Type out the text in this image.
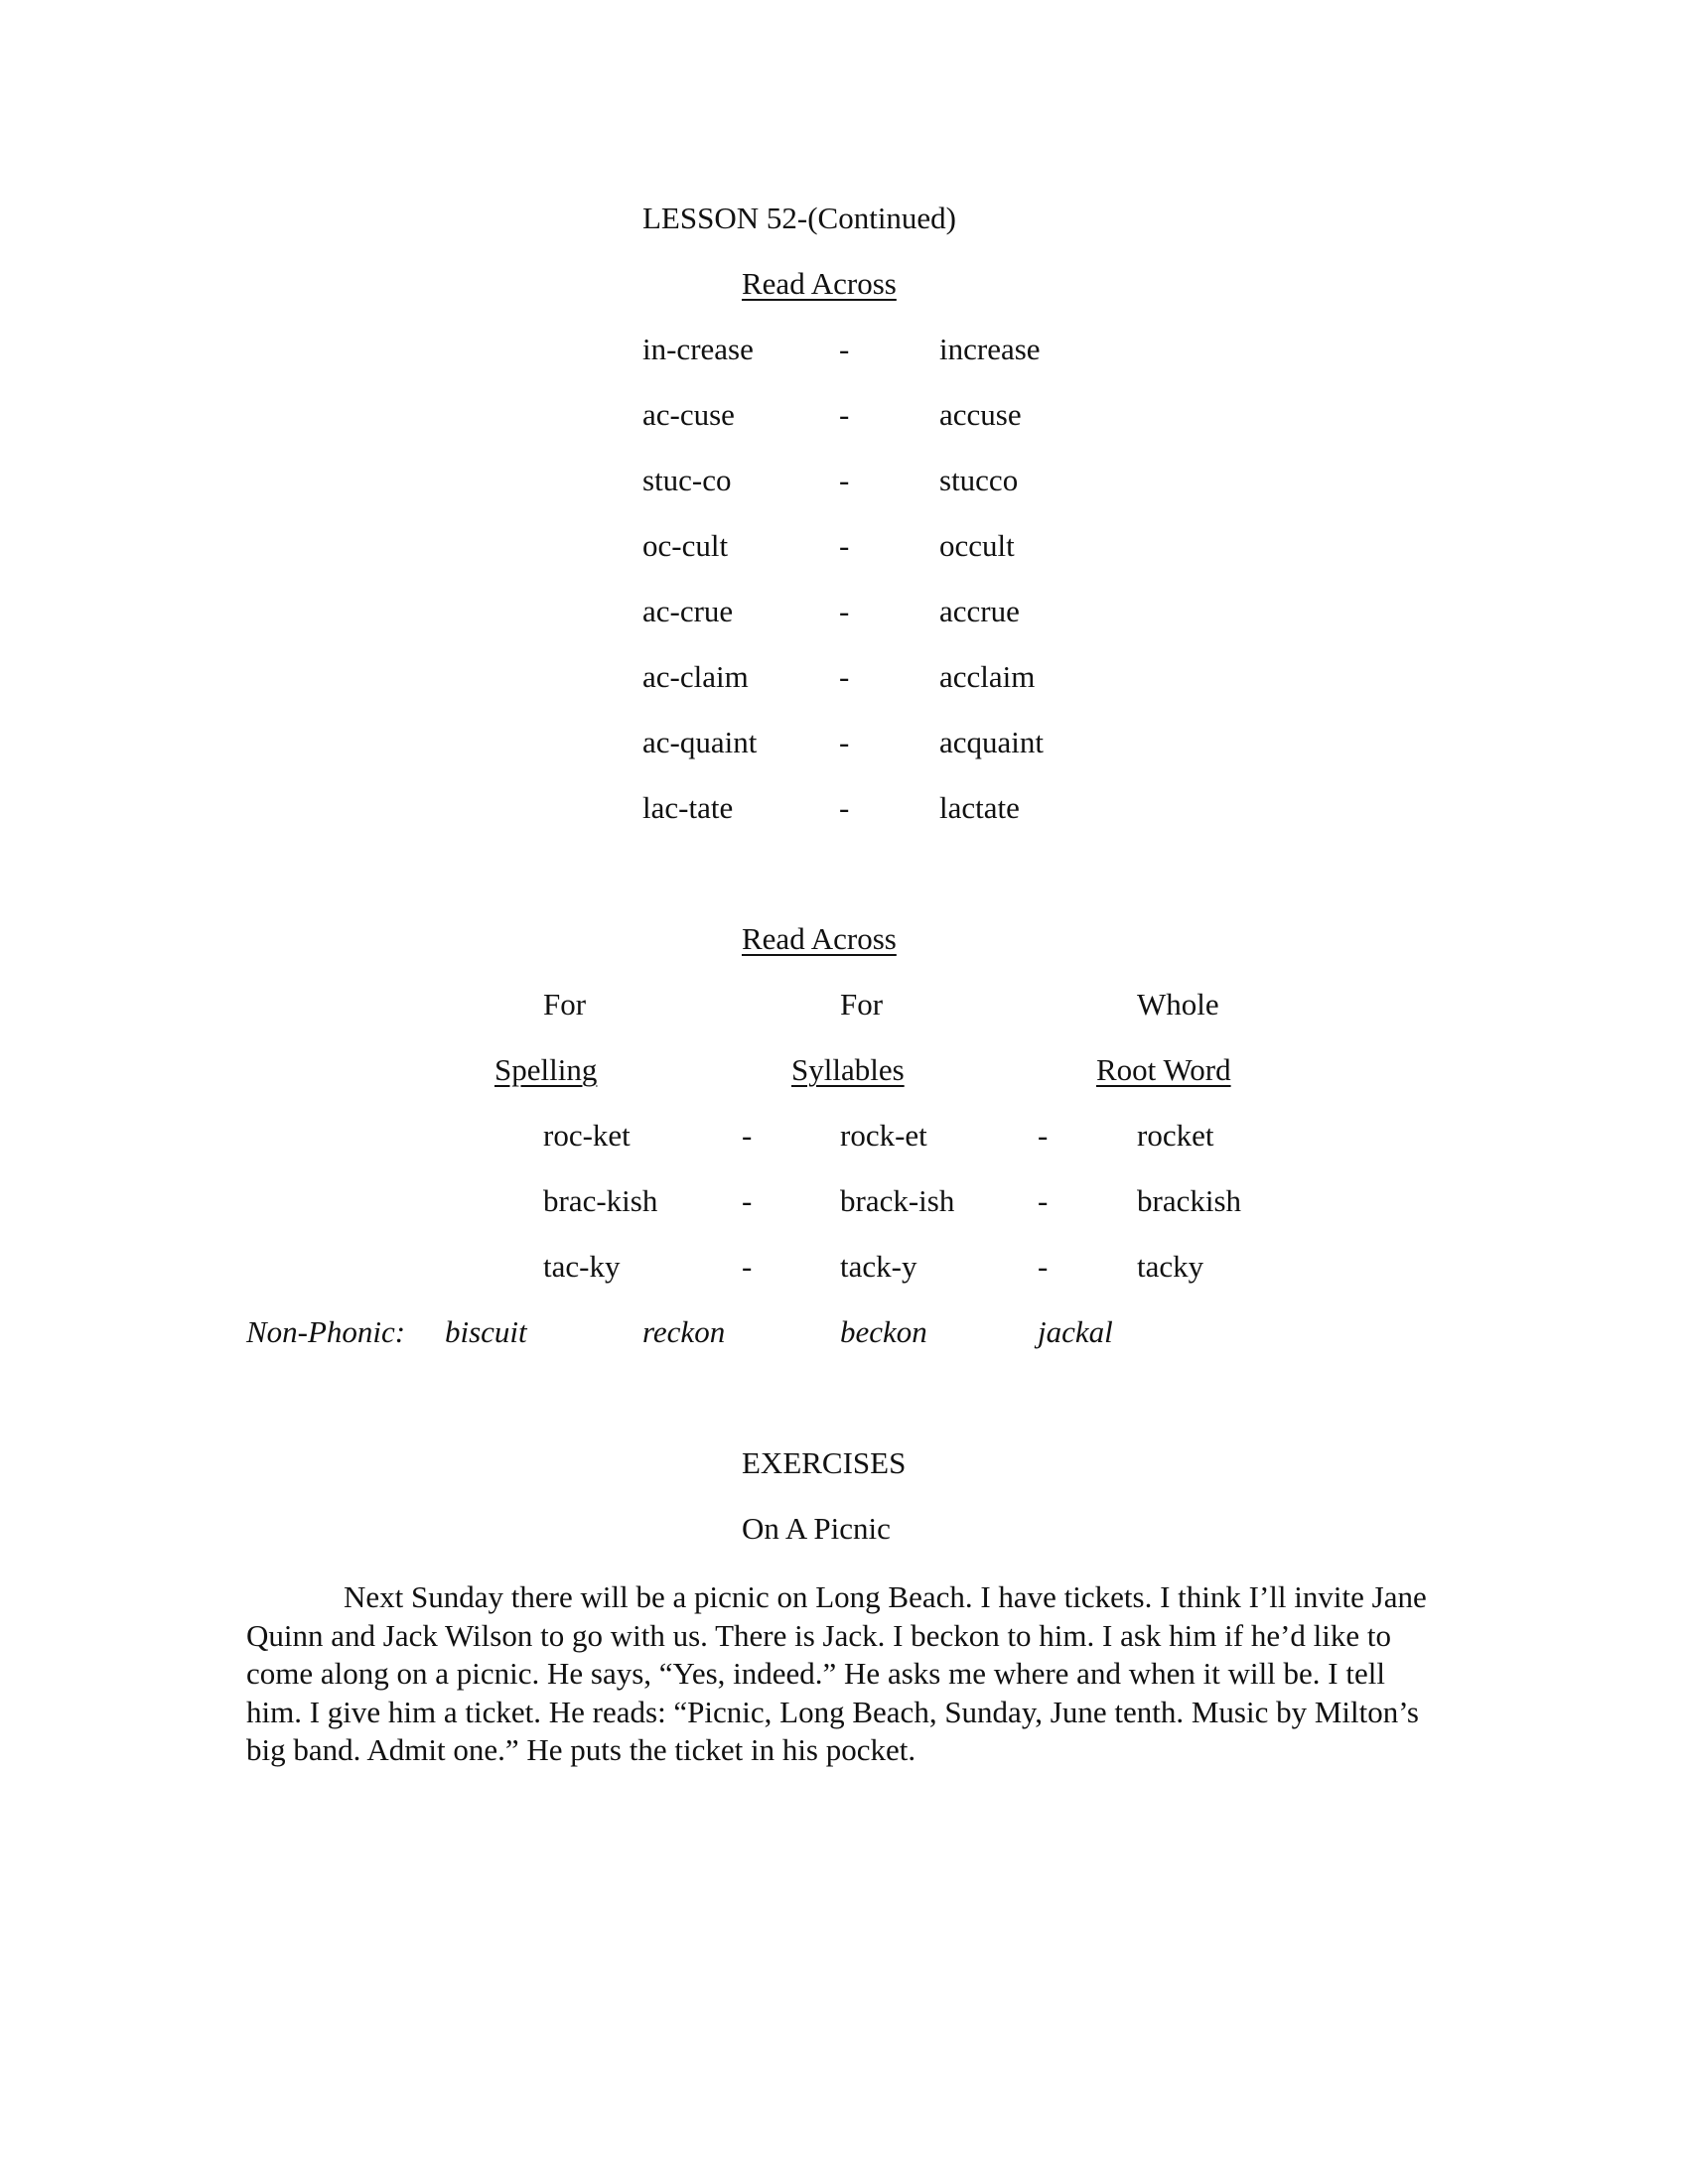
LESSON 52-(Continued)
Read Across
in-crease	-	increase
ac-cuse	-	accuse
stuc-co	-	stucco
oc-cult	-	occult
ac-crue	-	accrue
ac-claim	-	acclaim
ac-quaint	-	acquaint
lac-tate	-	lactate
Read Across
For	For	Whole
Spelling	Syllables	Root Word
roc-ket	-	rock-et	-	rocket
brac-kish	-	brack-ish	-	brackish
tac-ky	-	tack-y	-	tacky
Non-Phonic: biscuit	reckon	beckon	jackal
EXERCISES
On A Picnic

Next Sunday there will be a picnic on Long Beach. I have tickets. I think I’ll invite Jane Quinn and Jack Wilson to go with us. There is Jack. I beckon to him. I ask him if he’d like to come along on a picnic. He says, “Yes, indeed.” He asks me where and when it will be. I tell him. I give him a ticket. He reads: “Picnic, Long Beach, Sunday, June tenth. Music by Milton’s big band. Admit one.” He puts the ticket in his pocket.
